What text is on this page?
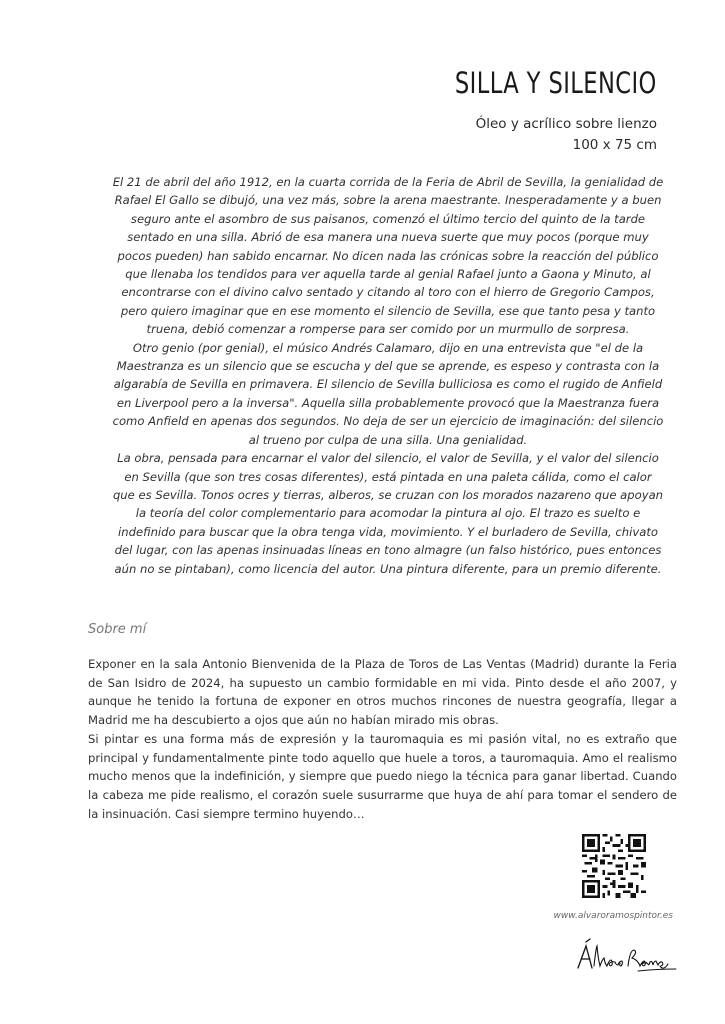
SILLA Y SILENCIO
Óleo y acrílico sobre lienzo
100 x 75 cm

El 21 de abril del año 1912, en la cuarta corrida de la Feria de Abril de Sevilla, la genialidad de Rafael El Gallo se dibujó, una vez más, sobre la arena maestrante. Inesperadamente y a buen seguro ante el asombro de sus paisanos, comenzó el último tercio del quinto de la tarde sentado en una silla. Abrió de esa manera una nueva suerte que muy pocos (porque muy pocos pueden) han sabido encarnar. No dicen nada las crónicas sobre la reacción del público que llenaba los tendidos para ver aquella tarde al genial Rafael junto a Gaona y Minuto, al encontrarse con el divino calvo sentado y citando al toro con el hierro de Gregorio Campos, pero quiero imaginar que en ese momento el silencio de Sevilla, ese que tanto pesa y tanto truena, debió comenzar a romperse para ser comido por un murmullo de sorpresa.

Otro genio (por genial), el músico Andrés Calamaro, dijo en una entrevista que "el de la Maestranza es un silencio que se escucha y del que se aprende, es espeso y contrasta con la algarabía de Sevilla en primavera. El silencio de Sevilla bulliciosa es como el rugido de Anfield en Liverpool pero a la inversa". Aquella silla probablemente provocó que la Maestranza fuera como Anfield en apenas dos segundos. No deja de ser un ejercicio de imaginación: del silencio al trueno por culpa de una silla. Una genialidad.

La obra, pensada para encarnar el valor del silencio, el valor de Sevilla, y el valor del silencio en Sevilla (que son tres cosas diferentes), está pintada en una paleta cálida, como el calor que es Sevilla. Tonos ocres y tierras, alberos, se cruzan con los morados nazareno que apoyan la teoría del color complementario para acomodar la pintura al ojo. El trazo es suelto e indefinido para buscar que la obra tenga vida, movimiento. Y el burladero de Sevilla, chivato del lugar, con las apenas insinuadas líneas en tono almagre (un falso histórico, pues entonces aún no se pintaban), como licencia del autor. Una pintura diferente, para un premio diferente.

Sobre mí

Exponer en la sala Antonio Bienvenida de la Plaza de Toros de Las Ventas (Madrid) durante la Feria de San Isidro de 2024, ha supuesto un cambio formidable en mi vida. Pinto desde el año 2007, y aunque he tenido la fortuna de exponer en otros muchos rincones de nuestra geografía, llegar a Madrid me ha descubierto a ojos que aún no habían mirado mis obras.

Si pintar es una forma más de expresión y la tauromaquia es mi pasión vital, no es extraño que principal y fundamentalmente pinte todo aquello que huele a toros, a tauromaquia. Amo el realismo mucho menos que la indefinición, y siempre que puedo niego la técnica para ganar libertad. Cuando la cabeza me pide realismo, el corazón suele susurrarme que huya de ahí para tomar el sendero de la insinuación. Casi siempre termino huyendo…

www.alvaroramospintor.es
